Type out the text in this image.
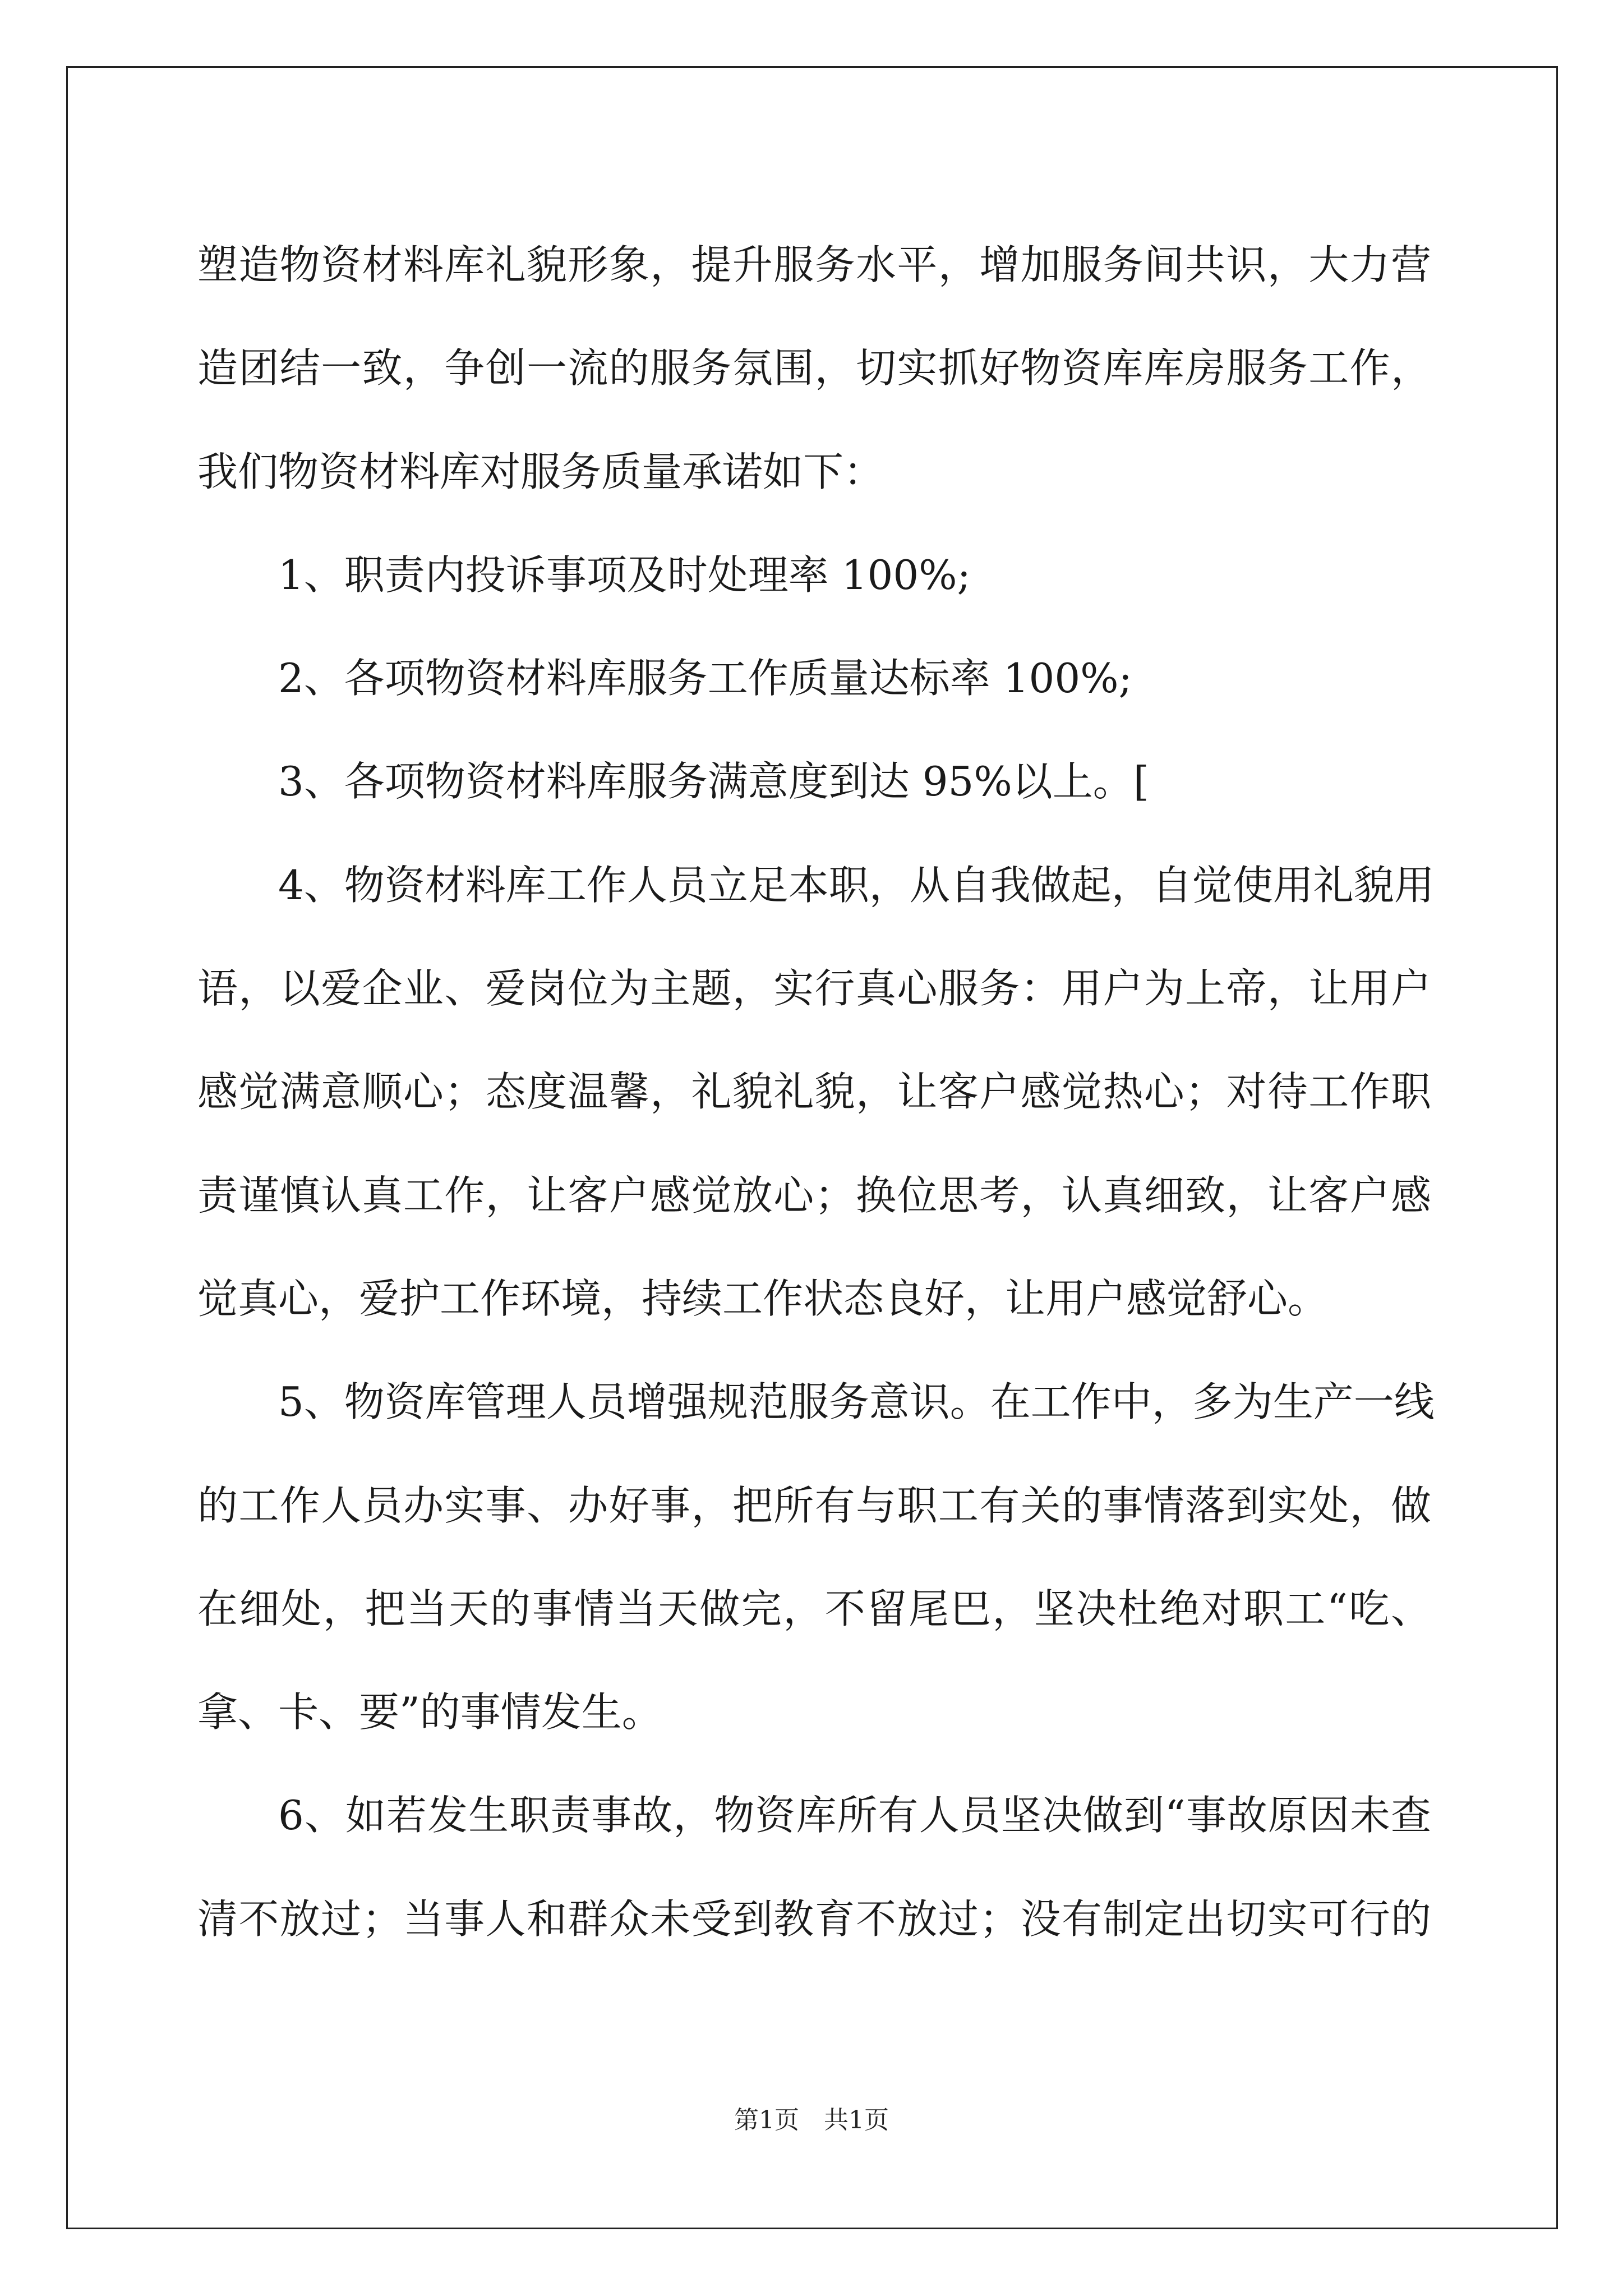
塑造物资材料库礼貌形象，提升服务水平，增加服务间共识，大力营
造团结一致，争创一流的服务氛围，切实抓好物资库库房服务工作，
我们物资材料库对服务质量承诺如下：
1、职责内投诉事项及时处理率 100%;
2、各项物资材料库服务工作质量达标率 100%;
3、各项物资材料库服务满意度到达 95%以上。[
4、物资材料库工作人员立足本职，从自我做起，自觉使用礼貌用
语，以爱企业、爱岗位为主题，实行真心服务：用户为上帝，让用户
感觉满意顺心；态度温馨，礼貌礼貌，让客户感觉热心；对待工作职
责谨慎认真工作，让客户感觉放心；换位思考，认真细致，让客户感
觉真心，爱护工作环境，持续工作状态良好，让用户感觉舒心。
5、物资库管理人员增强规范服务意识。在工作中，多为生产一线
的工作人员办实事、办好事，把所有与职工有关的事情落到实处，做
在细处，把当天的事情当天做完，不留尾巴，坚决杜绝对职工“吃、
拿、卡、要”的事情发生。
6、如若发生职责事故，物资库所有人员坚决做到“事故原因未查
清不放过；当事人和群众未受到教育不放过；没有制定出切实可行的
第1页　共1页
